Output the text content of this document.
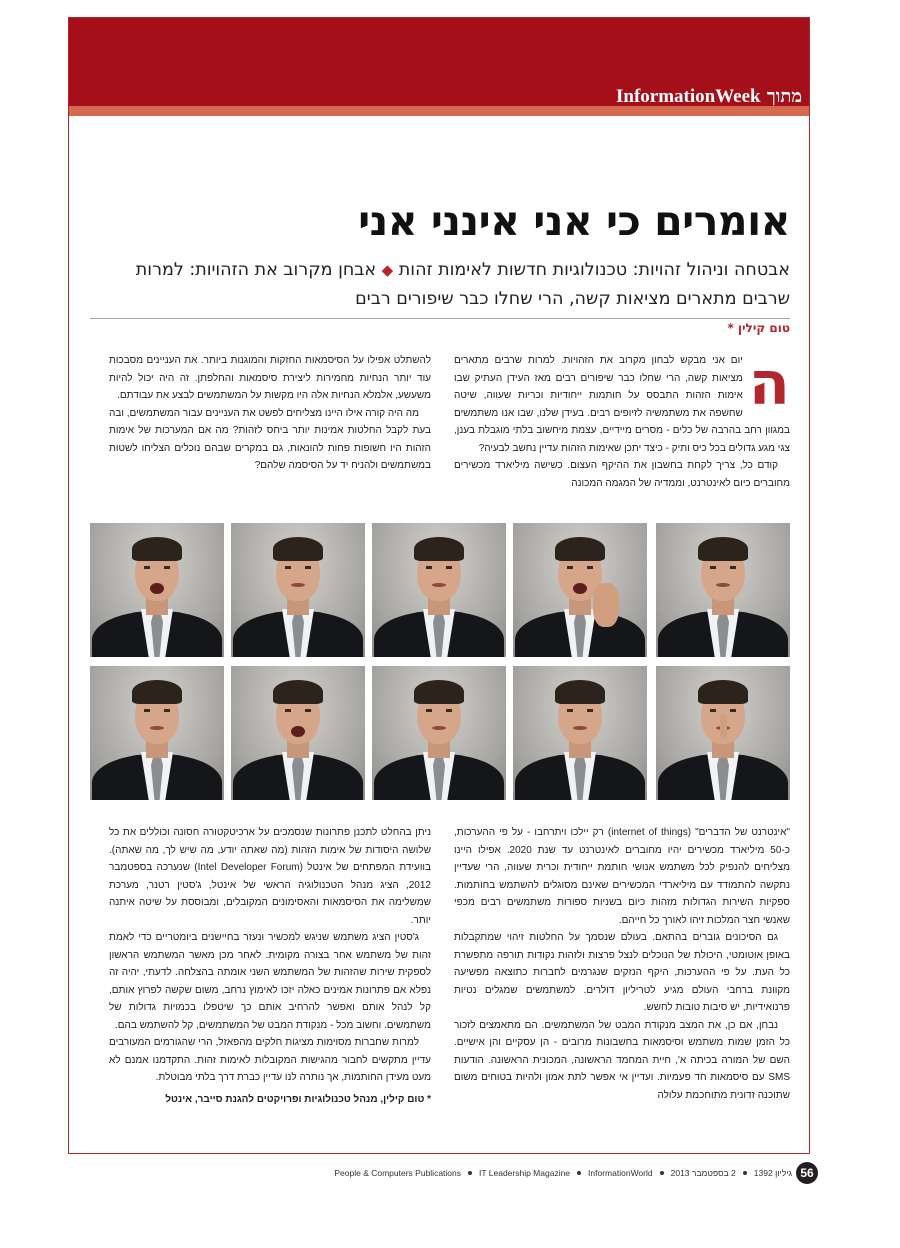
מתוך InformationWeek
אומרים כי אני אינני אני
אבטחה וניהול זהויות: טכנולוגיות חדשות לאימות זהות ◆ אבחן מקרוב את הזהויות: למרות שרבים מתארים מציאות קשה, הרי שחלו כבר שיפורים רבים
טום קילין *
ה

יום אני מבקש לבחון מקרוב את הזהויות. למרות שרבים מתארים מציאות קשה, הרי שחלו כבר שיפורים רבים מאז העידן העתיק שבו אימות הזהות התבסס על חותמות ייחודיות וכריות שעווה, שיטה שחשפה את משתמשיה לזיופים רבים. בעידן שלנו, שבו אנו משתמשים במגוון רחב בהרבה של כלים - מסרים מיידיים, עצמת מיחשוב בלתי מוגבלת בענן, צגי מגע גדולים בכל כיס ותיק - כיצד יתכן שאימות הזהות עדיין נחשב לבעיה?

קודם כל, צריך לקחת בחשבון את ההיקף העצום. כשישה מיליארד מכשירים מחוברים כיום לאינטרנט, וממדיה של המגמה המכונה

להשתלט אפילו על הסיסמאות החזקות והמוגנות ביותר. את העניינים מסבכות עוד יותר הנחיות מחמירות ליצירת סיסמאות והחלפתן. זה היה יכול להיות משעשע, אלמלא הנחיות אלה היו מקשות על המשתמשים לבצע את עבודתם.

מה היה קורה אילו היינו מצליחים לפשט את העניינים עבור המשתמשים, ובה בעת לקבל החלטות אמינות יותר ביחס לזהות? מה אם המערכות של אימות הזהות היו חשופות פחות להונאות, גם במקרים שבהם נוכלים הצליחו לשטות במשתמשים ולהניח יד על הסיסמה שלהם?

"אינטרנט של הדברים" (internet of things) רק יילכו ויתרחבו - על פי ההערכות, כ-50 מיליארד מכשירים יהיו מחוברים לאינטרנט עד שנת 2020. אפילו היינו מצליחים להנפיק לכל משתמש אנושי חותמת ייחודית וכרית שעווה, הרי שעדיין נתקשה להתמודד עם מיליארדי המכשירים שאינם מסוגלים להשתמש בחותמות. ספקיות השירות הגדולות מזהות כיום בשניות ספורות משתמשים רבים מכפי שאנשי חצר המלכות זיהו לאורך כל חייהם.

גם הסיכונים גוברים בהתאם. בעולם שנסמך על החלטות זיהוי שמתקבלות באופן אוטומטי, היכולת של הנוכלים לנצל פרצות ולזהות נקודות תורפה מתפשרת כל העת. על פי ההערכות, היקף הנזקים שנגרמים לחברות כתוצאה מפשיעה מקוונת ברחבי העולם מגיע לטריליון דולרים. למשתמשים שמגלים נטיות פרנואידיות, יש סיבות טובות לחשש.

נבחן, אם כן, את המצב מנקודת המבט של המשתמשים. הם מתאמצים לזכור כל הזמן שמות משתמש וסיסמאות בחשבונות מרובים - הן עסקיים והן אישיים. השם של המורה בכיתה א', חיית המחמד הראשונה, המכונית הראשונה. הודעות SMS עם סיסמאות חד פעמיות. ועדיין אי אפשר לתת אמון ולהיות בטוחים משום שתוכנה זדונית מתוחכמת עלולה

ניתן בהחלט לתכנן פתרונות שנסמכים על ארכיטקטורה חסונה וכוללים את כל שלושה היסודות של אימות הזהות (מה שאתה יודע, מה שיש לך, מה שאתה). בוועידת המפתחים של אינטל (Intel Developer Forum) שנערכה בספטמבר 2012, הציג מנהל הטכנולוגיה הראשי של אינטל, ג'סטין רטנר, מערכת שמשלימה את הסיסמאות והאסימונים המקובלים, ומבוססת על שיטה איתנה יותר.

ג'סטין הציג משתמש שניגש למכשיר ונעזר בחיישנים ביומטריים כדי לאמת זהות של משתמש אחר בצורה מקומית. לאחר מכן מאשר המשתמש הראשון לספקית שירות שהזהות של המשתמש השני אומתה בהצלחה. לדעתי, יהיה זה נפלא אם פתרונות אמינים כאלה יזכו לאימוץ נרחב, משום שקשה לפרוץ אותם, קל לנהל אותם ואפשר להרחיב אותם כך שיטפלו בכמויות גדולות של משתמשים. וחשוב מכל - מנקודת המבט של המשתמשים, קל להשתמש בהם.

למרות שחברות מסוימות מציגות חלקים מהפאזל, הרי שהגורמים המעורבים עדיין מתקשים לחבור מהגישות המקובלות לאימות זהות. התקדמנו אמנם לא מעט מעידן החותמות, אך נותרה לנו עדיין כברת דרך בלתי מבוטלת.

* טום קילין, מנהל טכנולוגיות ופרויקטים להגנת סייבר, אינטל

56
גיליון 1392
2 בספטמבר 2013
InformationWorld
IT Leadership Magazine
People & Computers Publications
